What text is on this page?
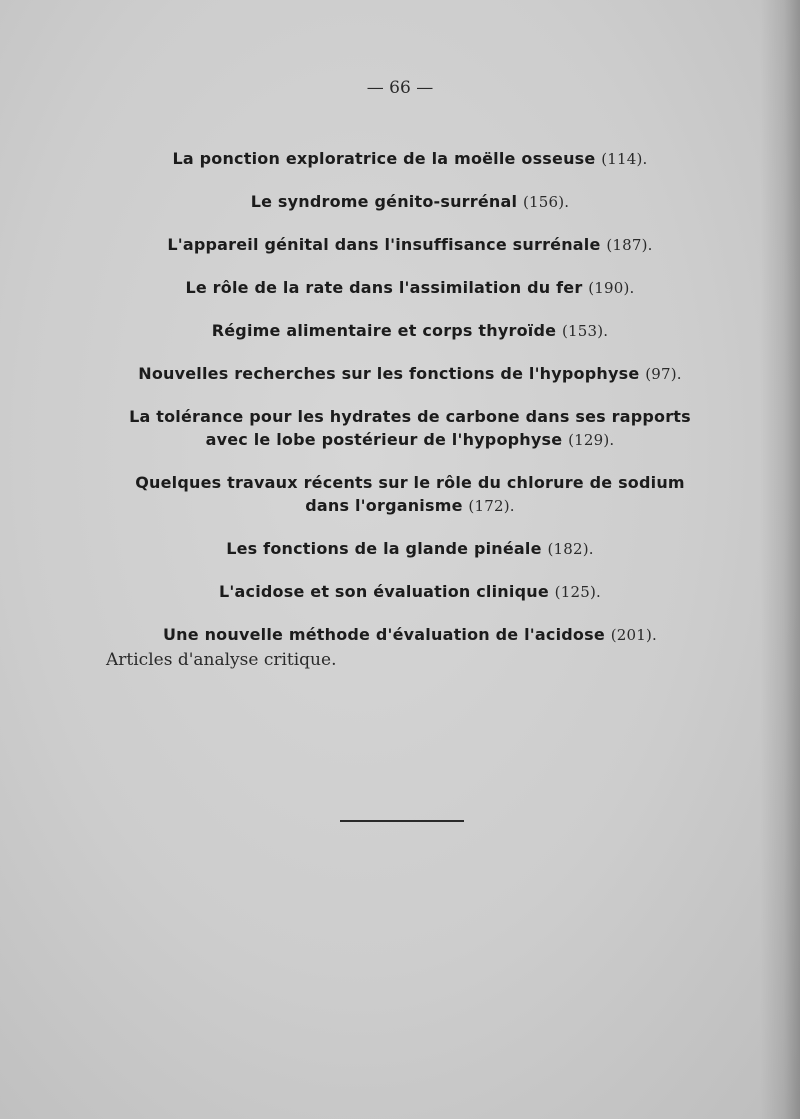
— 66 —
La ponction exploratrice de la moëlle osseuse (114).
Le syndrome génito-surrénal (156).
L'appareil génital dans l'insuffisance surrénale (187).
Le rôle de la rate dans l'assimilation du fer (190).
Régime alimentaire et corps thyroïde (153).
Nouvelles recherches sur les fonctions de l'hypophyse (97).
La tolérance pour les hydrates de carbone dans ses rapports
avec le lobe postérieur de l'hypophyse (129).
Quelques travaux récents sur le rôle du chlorure de sodium
dans l'organisme (172).
Les fonctions de la glande pinéale (182).
L'acidose et son évaluation clinique (125).
Une nouvelle méthode d'évaluation de l'acidose (201).
Articles d'analyse critique.
